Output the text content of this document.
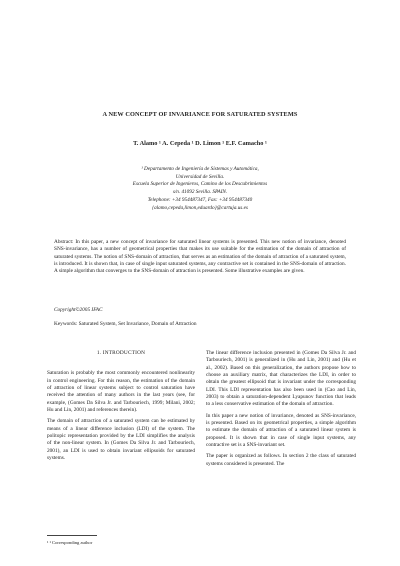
A NEW CONCEPT OF INVARIANCE FOR SATURATED SYSTEMS
T. Alamo ¹ A. Cepeda ¹ D. Limon ¹ E.F. Camacho ¹
¹ Departamento de Ingeniería de Sistemas y Automática,
Universidad de Sevilla.
Escuela Superior de Ingenieros, Camino de los Descubrimientos
s/n. 41092 Sevilla. SPAIN.
Telephone: +34 954487347, Fax: +34 954487340
{alamo,cepeda,limon,eduardo}@cartuja.us.es
Abstract: In this paper, a new concept of invariance for saturated linear systems is presented. This new notion of invariance, denoted SNS-invariance, has a number of geometrical properties that makes its use suitable for the estimation of the domain of attraction of saturated systems. The notion of SNS-domain of attraction, that serves as an estimation of the domain of attraction of a saturated system, is introduced. It is shown that, in case of single input saturated systems, any contractive set is contained in the SNS-domain of attraction. A simple algorithm that converges to the SNS-domain of attraction is presented. Some illustrative examples are given.
Copyright©2005 IFAC
Keywords: Saturated System, Set Invariance, Domain of Attraction
1. INTRODUCTION

Saturation is probably the most commonly encountered nonlinearity in control engineering. For this reason, the estimation of the domain of attraction of linear systems subject to control saturation have received the attention of many authors in the last years (see, for example, (Gomes Da Silva Jr. and Tarbouriech, 1999; Milani, 2002; Hu and Lin, 2001) and references therein).

The domain of attraction of a saturated system can be estimated by means of a linear difference inclusion (LDI) of the system. The politopic representation provided by the LDI simplifies the analysis of the non-linear system. In (Gomes Da Silva Jr. and Tarbouriech, 2001), an LDI is used to obtain invariant ellipsoids for saturated systems.

The linear difference inclusion presented in (Gomes Da Silva Jr. and Tarbouriech, 2001) is generalized in (Hu and Lin, 2001) and (Hu et al., 2002). Based on this generalization, the authors propose how to choose an auxiliary matrix, that characterizes the LDI, in order to obtain the greatest ellipsoid that is invariant under the corresponding LDI. This LDI representation has also been used in (Cao and Lin, 2003) to obtain a saturation-dependent Lyapunov function that leads to a less conservative estimation of the domain of attraction.

In this paper a new notion of invariance, denoted as SNS-invariance, is presented. Based on its geometrical properties, a simple algorithm to estimate the domain of attraction of a saturated linear system is proposed. It is shown that in case of single input systems, any contractive set is a SNS-invariant set.

The paper is organized as follows. In section 2 the class of saturated systems considered is presented. The

¹ ¹ Corresponding author
